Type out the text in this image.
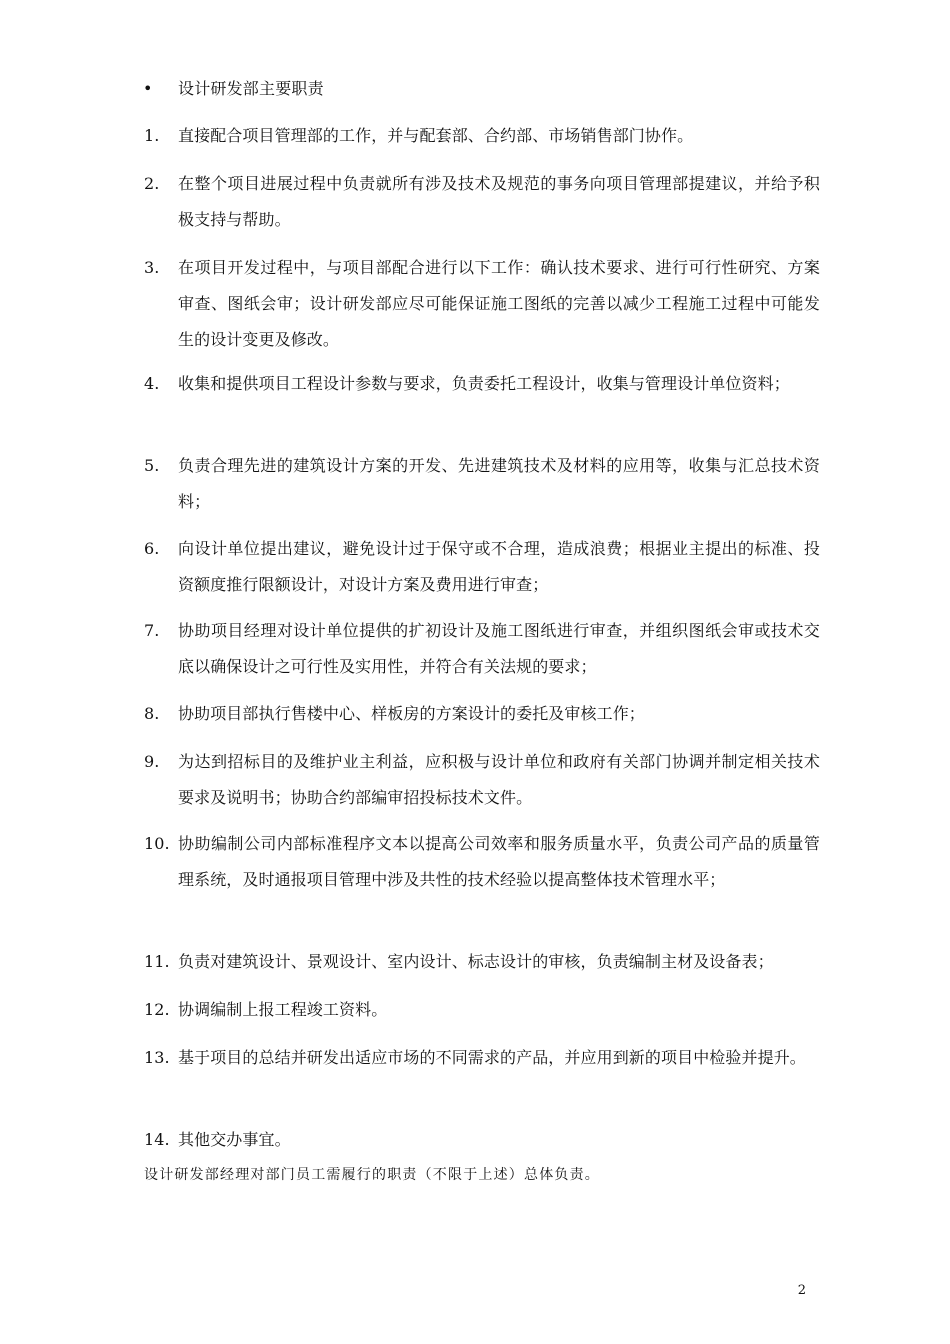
• 设计研发部主要职责
1.	直接配合项目管理部的工作，并与配套部、合约部、市场销售部门协作。
2.	在整个项目进展过程中负责就所有涉及技术及规范的事务向项目管理部提建议，并给予积极支持与帮助。
3.	在项目开发过程中，与项目部配合进行以下工作：确认技术要求、进行可行性研究、方案审查、图纸会审；设计研发部应尽可能保证施工图纸的完善以减少工程施工过程中可能发生的设计变更及修改。
4.	收集和提供项目工程设计参数与要求，负责委托工程设计，收集与管理设计单位资料；
5.	负责合理先进的建筑设计方案的开发、先进建筑技术及材料的应用等，收集与汇总技术资料；
6.	向设计单位提出建议，避免设计过于保守或不合理，造成浪费；根据业主提出的标准、投资额度推行限额设计，对设计方案及费用进行审查；
7.	协助项目经理对设计单位提供的扩初设计及施工图纸进行审查，并组织图纸会审或技术交底以确保设计之可行性及实用性，并符合有关法规的要求；
8.	协助项目部执行售楼中心、样板房的方案设计的委托及审核工作；
9.	为达到招标目的及维护业主利益，应积极与设计单位和政府有关部门协调并制定相关技术要求及说明书；协助合约部编审招投标技术文件。
10. 协助编制公司内部标准程序文本以提高公司效率和服务质量水平，负责公司产品的质量管理系统，及时通报项目管理中涉及共性的技术经验以提高整体技术管理水平；
11. 负责对建筑设计、景观设计、室内设计、标志设计的审核，负责编制主材及设备表；
12. 协调编制上报工程竣工资料。
13. 基于项目的总结并研发出适应市场的不同需求的产品，并应用到新的项目中检验并提升。
14. 其他交办事宜。
设计研发部经理对部门员工需履行的职责（不限于上述）总体负责。
2
